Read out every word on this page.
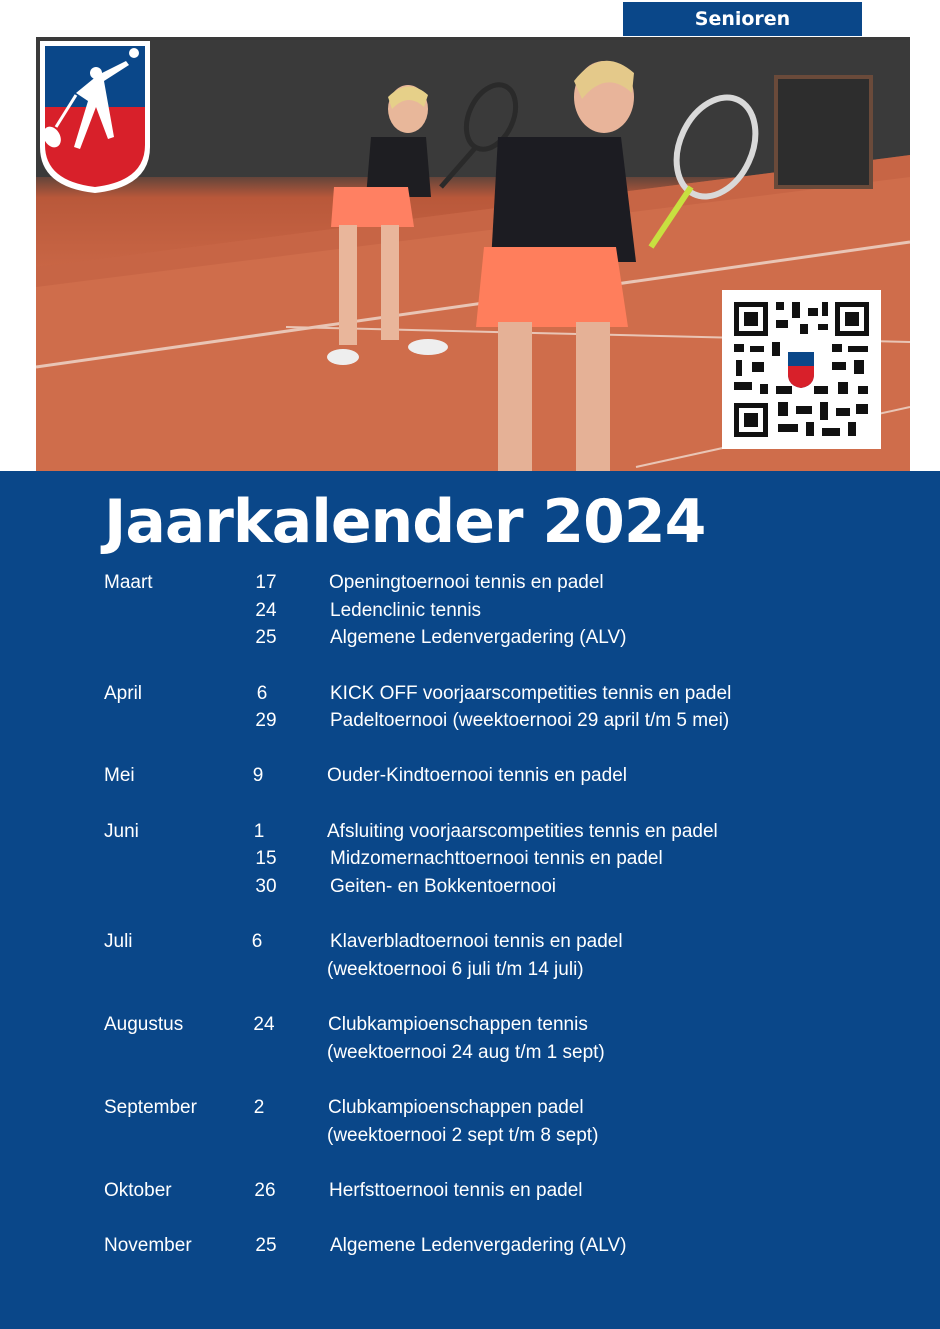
Senioren
Jaarkalender 2024
Maart	17	Openingtoernooi tennis en padel
24	Ledenclinic tennis
25	Algemene Ledenvergadering (ALV)
April	6	KICK OFF voorjaarscompetities tennis en padel
29	Padeltoernooi (weektoernooi 29 april t/m 5 mei)
Mei	9	Ouder-Kindtoernooi tennis en padel
Juni	1	Afsluiting voorjaarscompetities tennis en padel
15	Midzomernachttoernooi tennis en padel
30	Geiten- en Bokkentoernooi
Juli	6	Klaverbladtoernooi tennis en padel
(weektoernooi 6 juli t/m 14 juli)
Augustus	24	Clubkampioenschappen tennis
(weektoernooi 24 aug t/m 1 sept)
September	2	Clubkampioenschappen padel
(weektoernooi 2 sept t/m 8 sept)
Oktober	26	Herfsttoernooi tennis en padel
November	25	Algemene Ledenvergadering (ALV)
